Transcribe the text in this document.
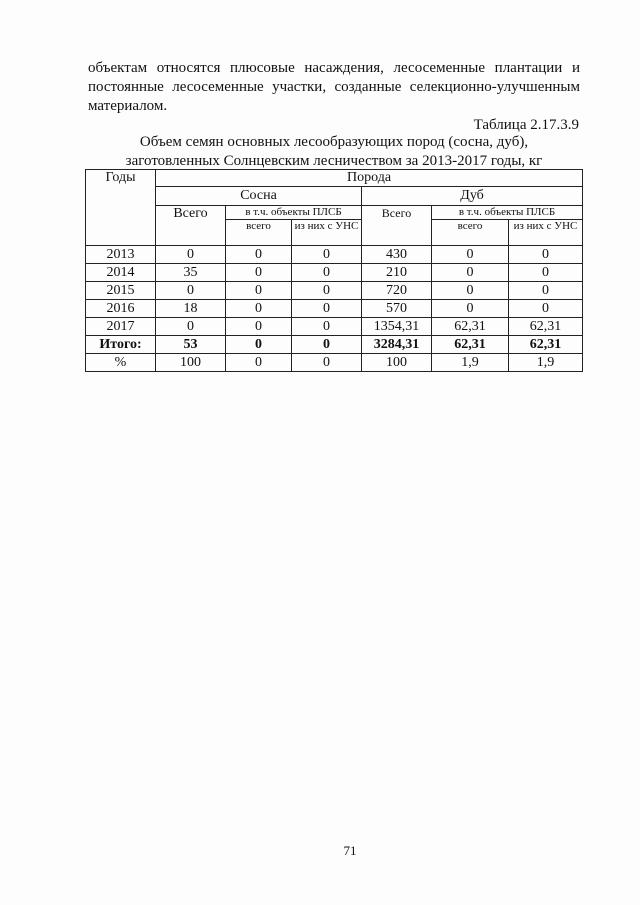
объектам относятся плюсовые насаждения, лесосеменные плантации и
постоянные лесосеменные участки, созданные селекционно-улучшенным
материалом.
Таблица 2.17.3.9
Объем семян основных лесообразующих пород (сосна, дуб),
заготовленных Солнцевским лесничеством за 2013-2017 годы, кг
Годы	Порода					
	Сосна			Дуб		
	Всего	в т.ч. объекты ПЛСБ		Всего	в т.ч. объекты ПЛСБ	
		всего	из них с УНС		всего	из них с УНС
2013	0	0	0	430	0	0
2014	35	0	0	210	0	0
2015	0	0	0	720	0	0
2016	18	0	0	570	0	0
2017	0	0	0	1354,31	62,31	62,31
Итого:	53	0	0	3284,31	62,31	62,31
%	100	0	0	100	1,9	1,9
71
